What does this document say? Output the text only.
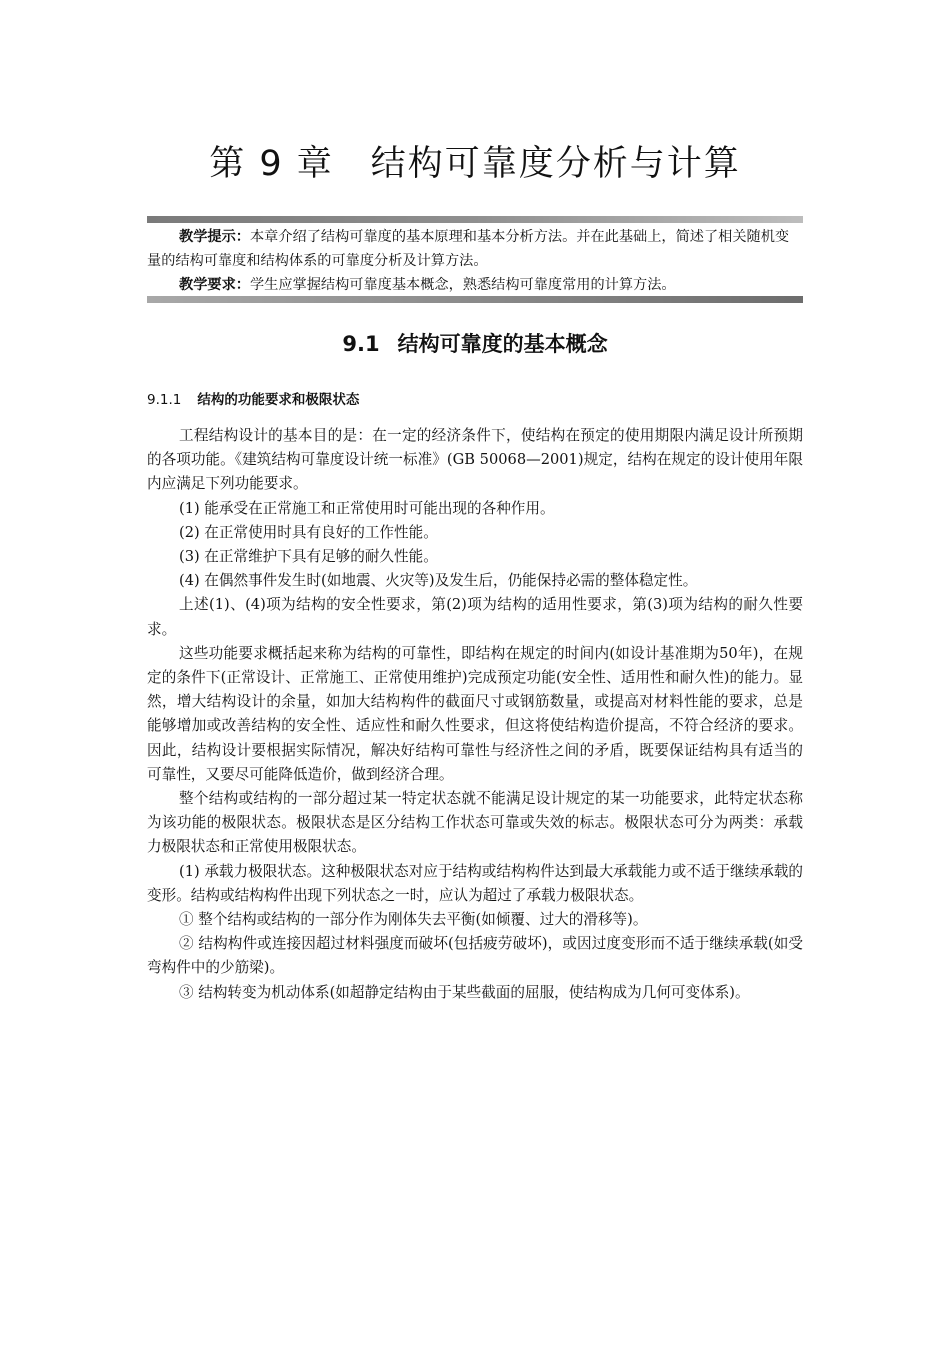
第 9 章　结构可靠度分析与计算

教学提示：本章介绍了结构可靠度的基本原理和基本分析方法。并在此基础上，简述了相关随机变量的结构可靠度和结构体系的可靠度分析及计算方法。

教学要求：学生应掌握结构可靠度基本概念，熟悉结构可靠度常用的计算方法。

9.1 结构可靠度的基本概念
9.1.1 结构的功能要求和极限状态

工程结构设计的基本目的是：在一定的经济条件下，使结构在预定的使用期限内满足设计所预期的各项功能。《建筑结构可靠度设计统一标准》(GB 50068—2001)规定，结构在规定的设计使用年限内应满足下列功能要求。

(1) 能承受在正常施工和正常使用时可能出现的各种作用。

(2) 在正常使用时具有良好的工作性能。

(3) 在正常维护下具有足够的耐久性能。

(4) 在偶然事件发生时(如地震、火灾等)及发生后，仍能保持必需的整体稳定性。

上述(1)、(4)项为结构的安全性要求，第(2)项为结构的适用性要求，第(3)项为结构的耐久性要求。

这些功能要求概括起来称为结构的可靠性，即结构在规定的时间内(如设计基准期为50年)，在规定的条件下(正常设计、正常施工、正常使用维护)完成预定功能(安全性、适用性和耐久性)的能力。显然，增大结构设计的余量，如加大结构构件的截面尺寸或钢筋数量，或提高对材料性能的要求，总是能够增加或改善结构的安全性、适应性和耐久性要求，但这将使结构造价提高，不符合经济的要求。因此，结构设计要根据实际情况，解决好结构可靠性与经济性之间的矛盾，既要保证结构具有适当的可靠性，又要尽可能降低造价，做到经济合理。

整个结构或结构的一部分超过某一特定状态就不能满足设计规定的某一功能要求，此特定状态称为该功能的极限状态。极限状态是区分结构工作状态可靠或失效的标志。极限状态可分为两类：承载力极限状态和正常使用极限状态。

(1) 承载力极限状态。这种极限状态对应于结构或结构构件达到最大承载能力或不适于继续承载的变形。结构或结构构件出现下列状态之一时，应认为超过了承载力极限状态。

① 整个结构或结构的一部分作为刚体失去平衡(如倾覆、过大的滑移等)。

② 结构构件或连接因超过材料强度而破坏(包括疲劳破坏)，或因过度变形而不适于继续承载(如受弯构件中的少筋梁)。

③ 结构转变为机动体系(如超静定结构由于某些截面的屈服，使结构成为几何可变体系)。
